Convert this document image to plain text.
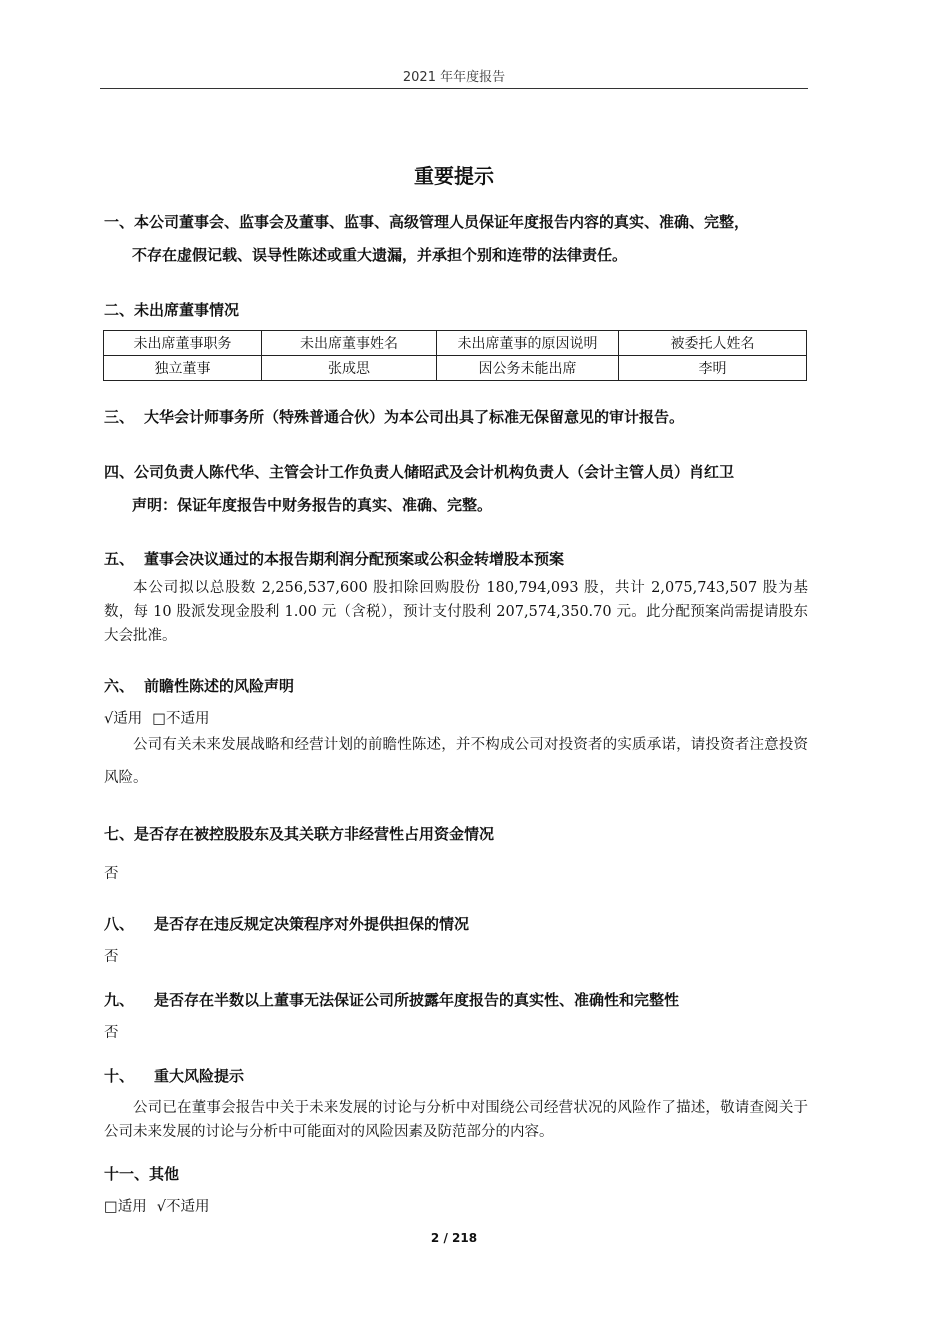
2021 年年度报告
重要提示
一、本公司董事会、监事会及董事、监事、高级管理人员保证年度报告内容的真实、准确、完整，
不存在虚假记载、误导性陈述或重大遗漏，并承担个别和连带的法律责任。
二、未出席董事情况
未出席董事职务	未出席董事姓名	未出席董事的原因说明	被委托人姓名
独立董事	张成思	因公务未能出席	李明
三、 大华会计师事务所（特殊普通合伙）为本公司出具了标准无保留意见的审计报告。
四、公司负责人陈代华、主管会计工作负责人储昭武及会计机构负责人（会计主管人员）肖红卫
声明：保证年度报告中财务报告的真实、准确、完整。
五、 董事会决议通过的本报告期利润分配预案或公积金转增股本预案
本公司拟以总股数 2,256,537,600 股扣除回购股份 180,794,093 股，共计 2,075,743,507 股为基数，每 10 股派发现金股利 1.00 元（含税），预计支付股利 207,574,350.70 元。此分配预案尚需提请股东大会批准。
六、 前瞻性陈述的风险声明
√适用 □不适用
公司有关未来发展战略和经营计划的前瞻性陈述，并不构成公司对投资者的实质承诺，请投资者注意投资风险。
七、是否存在被控股股东及其关联方非经营性占用资金情况
否
八、 是否存在违反规定决策程序对外提供担保的情况
否
九、 是否存在半数以上董事无法保证公司所披露年度报告的真实性、准确性和完整性
否
十、 重大风险提示
公司已在董事会报告中关于未来发展的讨论与分析中对围绕公司经营状况的风险作了描述，敬请查阅关于公司未来发展的讨论与分析中可能面对的风险因素及防范部分的内容。
十一、其他
□适用 √不适用
2 / 218
